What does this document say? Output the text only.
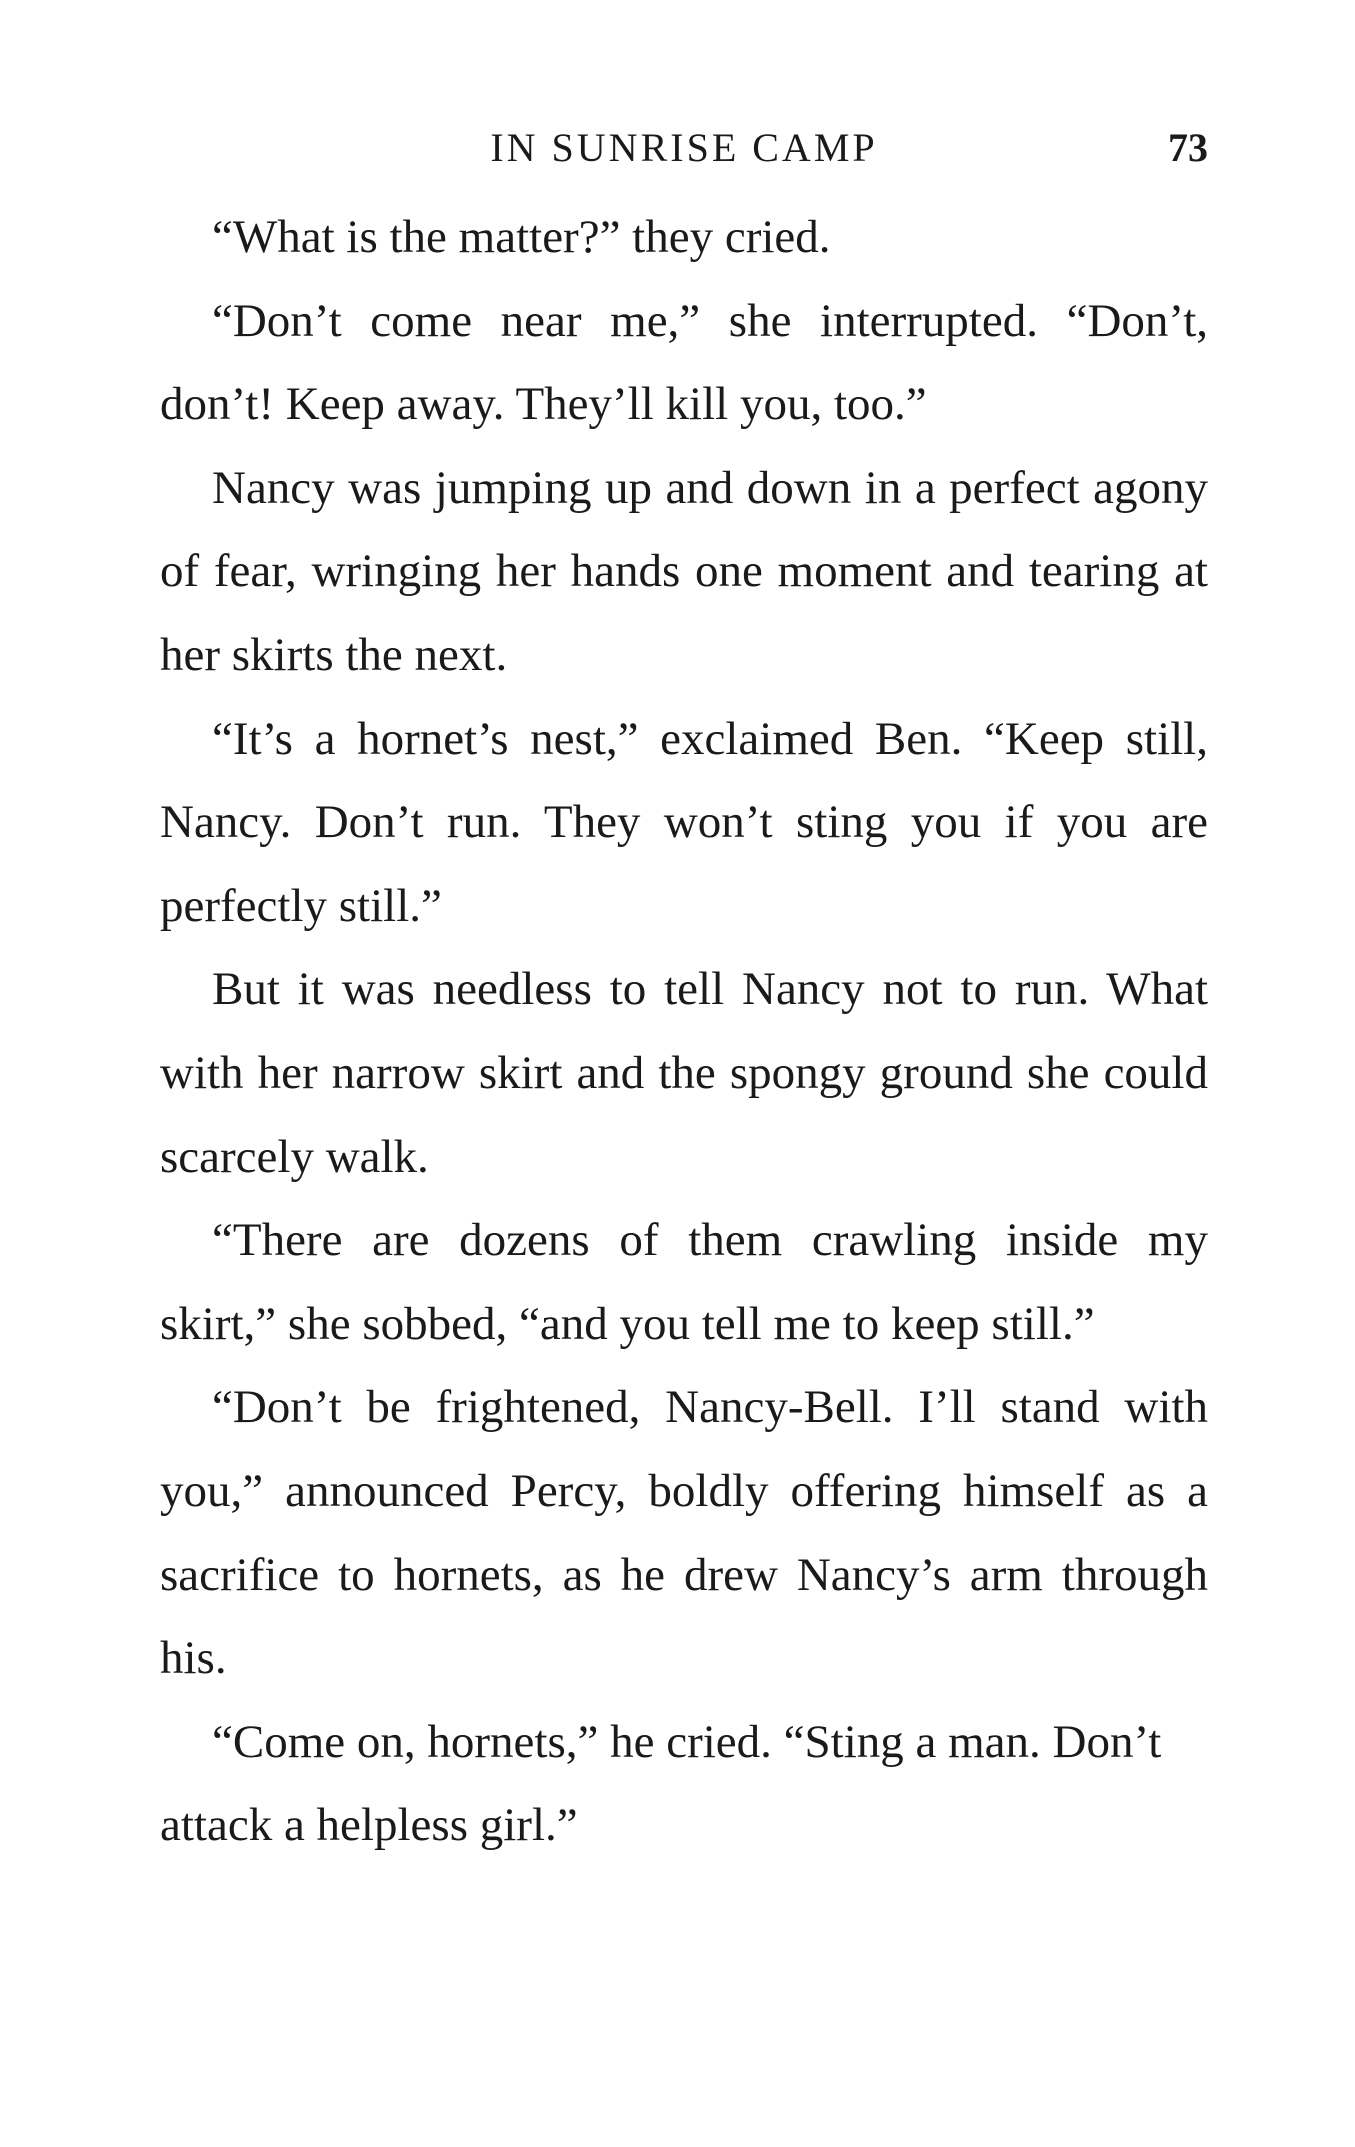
IN SUNRISE CAMP	73

“What is the matter?” they cried.

“Don’t come near me,” she interrupted. “Don’t, don’t! Keep away. They’ll kill you, too.”

Nancy was jumping up and down in a perfect agony of fear, wringing her hands one moment and tearing at her skirts the next.

“It’s a hornet’s nest,” exclaimed Ben. “Keep still, Nancy. Don’t run. They won’t sting you if you are perfectly still.”

But it was needless to tell Nancy not to run. What with her narrow skirt and the spongy ground she could scarcely walk.

“There are dozens of them crawling inside my skirt,” she sobbed, “and you tell me to keep still.”

“Don’t be frightened, Nancy-Bell. I’ll stand with you,” announced Percy, boldly offering himself as a sacrifice to hornets, as he drew Nancy’s arm through his.

“Come on, hornets,” he cried. “Sting a man. Don’t attack a helpless girl.”
